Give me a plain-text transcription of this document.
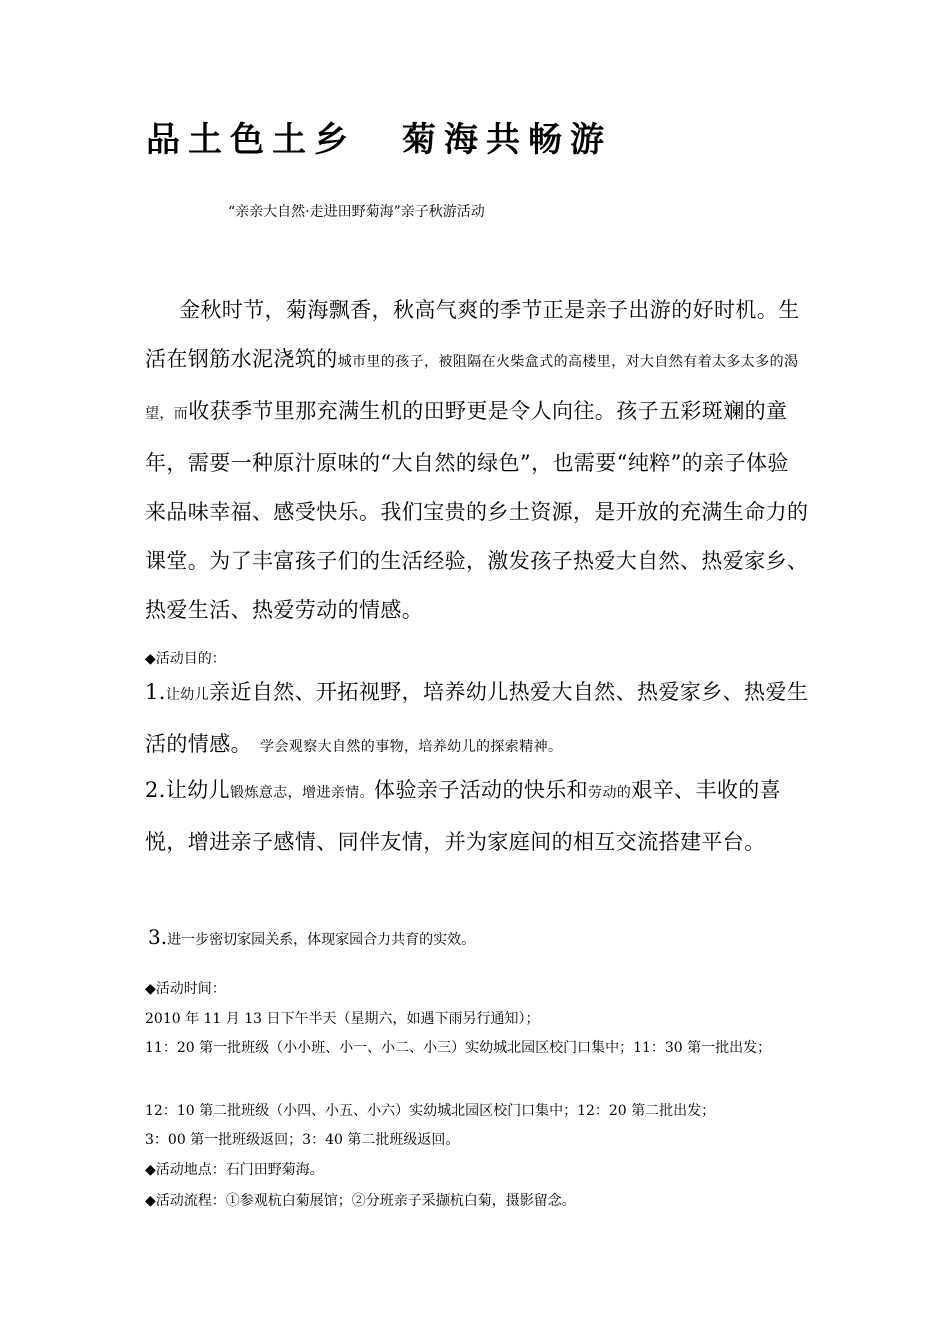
品土色土乡 菊海共畅游

“亲亲大自然·走进田野菊海”亲子秋游活动

金秋时节，菊海飘香，秋高气爽的季节正是亲子出游的好时机。生活在钢筋水泥浇筑的城市里的孩子，被阻隔在火柴盒式的高楼里，对大自然有着太多太多的渴望，而收获季节里那充满生机的田野更是令人向往。孩子五彩斑斓的童年，需要一种原汁原味的“大自然的绿色”，也需要“纯粹”的亲子体验来品味幸福、感受快乐。我们宝贵的乡土资源，是开放的充满生命力的课堂。为了丰富孩子们的生活经验，激发孩子热爱大自然、热爱家乡、热爱生活、热爱劳动的情感。

◆活动目的：

1.让幼儿亲近自然、开拓视野，培养幼儿热爱大自然、热爱家乡、热爱生活的情感。 学会观察大自然的事物，培养幼儿的探索精神。

2.让幼儿锻炼意志，增进亲情。体验亲子活动的快乐和劳动的艰辛、丰收的喜悦，增进亲子感情、同伴友情，并为家庭间的相互交流搭建平台。

3.进一步密切家园关系，体现家园合力共育的实效。

◆活动时间：

2010 年 11 月 13 日下午半天（星期六，如遇下雨另行通知）；

11：20 第一批班级（小小班、小一、小二、小三）实幼城北园区校门口集中；11：30 第一批出发；

12：10 第二批班级（小四、小五、小六）实幼城北园区校门口集中；12：20 第二批出发；

3：00 第一批班级返回；3：40 第二批班级返回。

◆活动地点：石门田野菊海。

◆活动流程：①参观杭白菊展馆；②分班亲子采撷杭白菊，摄影留念。
